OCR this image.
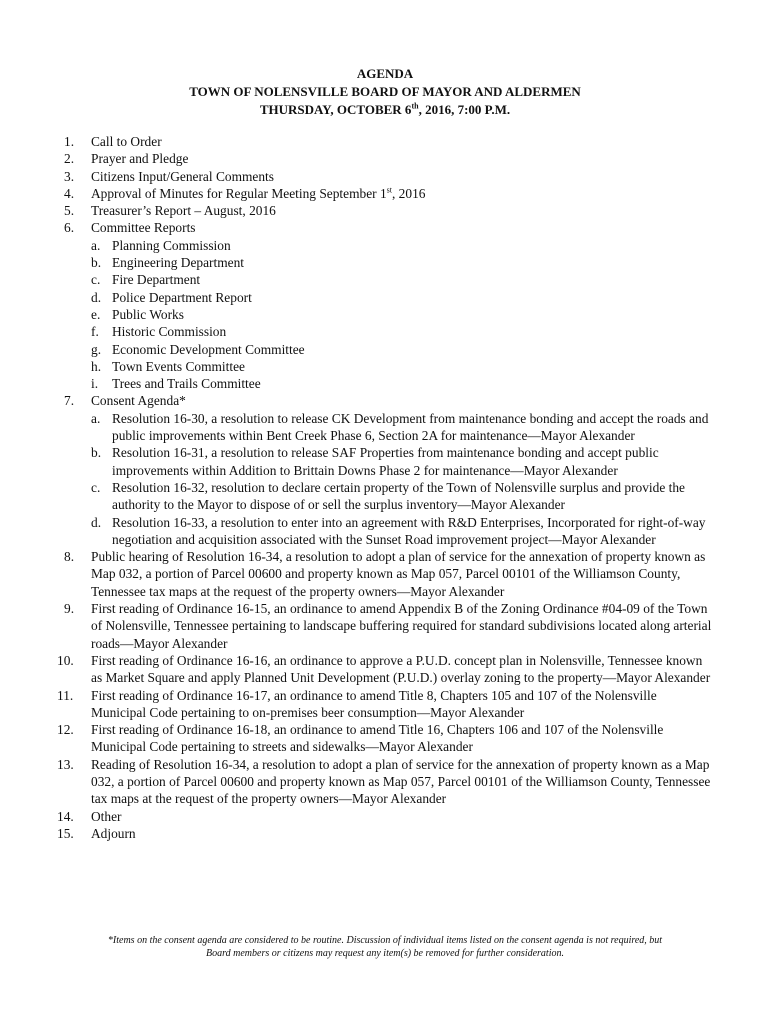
AGENDA
TOWN OF NOLENSVILLE BOARD OF MAYOR AND ALDERMEN
THURSDAY, OCTOBER 6th, 2016, 7:00 P.M.
1.	Call to Order
2.	Prayer and Pledge
3.	Citizens Input/General Comments
4.	Approval of Minutes for Regular Meeting September 1st, 2016
5.	Treasurer’s Report – August, 2016
6.	Committee Reports
a. Planning Commission
b. Engineering Department
c. Fire Department
d. Police Department Report
e. Public Works
f. Historic Commission
g. Economic Development Committee
h. Town Events Committee
i. Trees and Trails Committee
7.	Consent Agenda*
a. Resolution 16-30, a resolution to release CK Development from maintenance bonding and accept the roads and public improvements within Bent Creek Phase 6, Section 2A for maintenance—Mayor Alexander
b. Resolution 16-31, a resolution to release SAF Properties from maintenance bonding and accept public improvements within Addition to Brittain Downs Phase 2 for maintenance—Mayor Alexander
c. Resolution 16-32, resolution to declare certain property of the Town of Nolensville surplus and provide the authority to the Mayor to dispose of or sell the surplus inventory—Mayor Alexander
d. Resolution 16-33, a resolution to enter into an agreement with R&D Enterprises, Incorporated for right-of-way negotiation and acquisition associated with the Sunset Road improvement project—Mayor Alexander
8.	Public hearing of Resolution 16-34, a resolution to adopt a plan of service for the annexation of property known as Map 032, a portion of Parcel 00600 and property known as Map 057, Parcel 00101 of the Williamson County, Tennessee tax maps at the request of the property owners—Mayor Alexander
9.	First reading of Ordinance 16-15, an ordinance to amend Appendix B of the Zoning Ordinance #04-09 of the Town of Nolensville, Tennessee pertaining to landscape buffering required for standard subdivisions located along arterial roads—Mayor Alexander
10.	First reading of Ordinance 16-16, an ordinance to approve a P.U.D. concept plan in Nolensville, Tennessee known as Market Square and apply Planned Unit Development (P.U.D.) overlay zoning to the property—Mayor Alexander
11.	First reading of Ordinance 16-17, an ordinance to amend Title 8, Chapters 105 and 107 of the Nolensville Municipal Code pertaining to on-premises beer consumption—Mayor Alexander
12.	First reading of Ordinance 16-18, an ordinance to amend Title 16, Chapters 106 and 107 of the Nolensville Municipal Code pertaining to streets and sidewalks—Mayor Alexander
13.	Reading of Resolution 16-34, a resolution to adopt a plan of service for the annexation of property known as a Map 032, a portion of Parcel 00600 and property known as Map 057, Parcel 00101 of the Williamson County, Tennessee tax maps at the request of the property owners—Mayor Alexander
14.	Other
15.	Adjourn
*Items on the consent agenda are considered to be routine. Discussion of individual items listed on the consent agenda is not required, but
Board members or citizens may request any item(s) be removed for further consideration.
